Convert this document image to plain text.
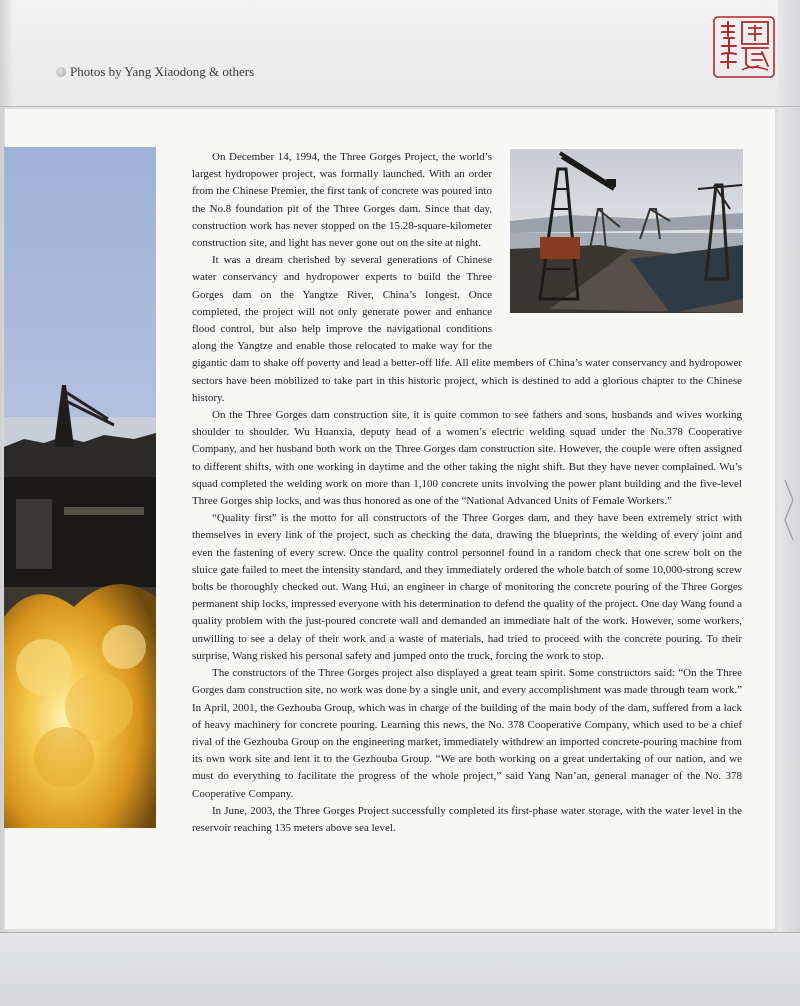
Photos by Yang Xiaodong & others

On December 14, 1994, the Three Gorges Project, the world’s largest hydropower project, was formally launched. With an order from the Chinese Premier, the first tank of concrete was poured into the No.8 foundation pit of the Three Gorges dam. Since that day, construction work has never stopped on the 15.28-square-kilometer construction site, and light has never gone out on the site at night.

It was a dream cherished by several generations of Chinese water conservancy and hydropower experts to build the Three Gorges dam on the Yangtze River, China’s longest. Once completed, the project will not only generate power and enhance flood control, but also help improve the navigational conditions along the Yangtze and enable those relocated to make way for the gigantic dam to shake off poverty and lead a better-off life. All elite members of China’s water conservancy and hydropower sectors have been mobilized to take part in this historic project, which is destined to add a glorious chapter to the Chinese history.

On the Three Gorges dam construction site, it is quite common to see fathers and sons, husbands and wives working shoulder to shoulder. Wu Huanxia, deputy head of a women’s electric welding squad under the No.378 Cooperative Company, and her husband both work on the Three Gorges dam construction site. However, the couple were often assigned to different shifts, with one working in daytime and the other taking the night shift. But they have never complained. Wu’s squad completed the welding work on more than 1,100 concrete units involving the power plant building and the five-level Three Gorges ship locks, and was thus honored as one of the “National Advanced Units of Female Workers.”

“Quality first” is the motto for all constructors of the Three Gorges dam, and they have been extremely strict with themselves in every link of the project, such as checking the data, drawing the blueprints, the welding of every joint and even the fastening of every screw. Once the quality control personnel found in a random check that one screw bolt on the sluice gate failed to meet the intensity standard, and they immediately ordered the whole batch of some 10,000-strong screw bolts be thoroughly checked out. Wang Hui, an engineer in charge of monitoring the concrete pouring of the Three Gorges permanent ship locks, impressed everyone with his determination to defend the quality of the project. One day Wang found a quality problem with the just-poured concrete wall and demanded an immediate halt of the work. However, some workers, unwilling to see a delay of their work and a waste of materials, had tried to proceed with the concrete pouring. To their surprise, Wang risked his personal safety and jumped onto the truck, forcing the work to stop.

The constructors of the Three Gorges project also displayed a great team spirit. Some constructors said: “On the Three Gorges dam construction site, no work was done by a single unit, and every accomplishment was made through team work.” In April, 2001, the Gezhouba Group, which was in charge of the building of the main body of the dam, suffered from a lack of heavy machinery for concrete pouring. Learning this news, the No. 378 Cooperative Company, which used to be a chief rival of the Gezhouba Group on the engineering market, immediately withdrew an imported concrete-pouring machine from its own work site and lent it to the Gezhouba Group. “We are both working on a great undertaking of our nation, and we must do everything to facilitate the progress of the whole project,” said Yang Nan’an, general manager of the No. 378 Cooperative Company.

In June, 2003, the Three Gorges Project successfully completed its first-phase water storage, with the water level in the reservoir reaching 135 meters above sea level.
